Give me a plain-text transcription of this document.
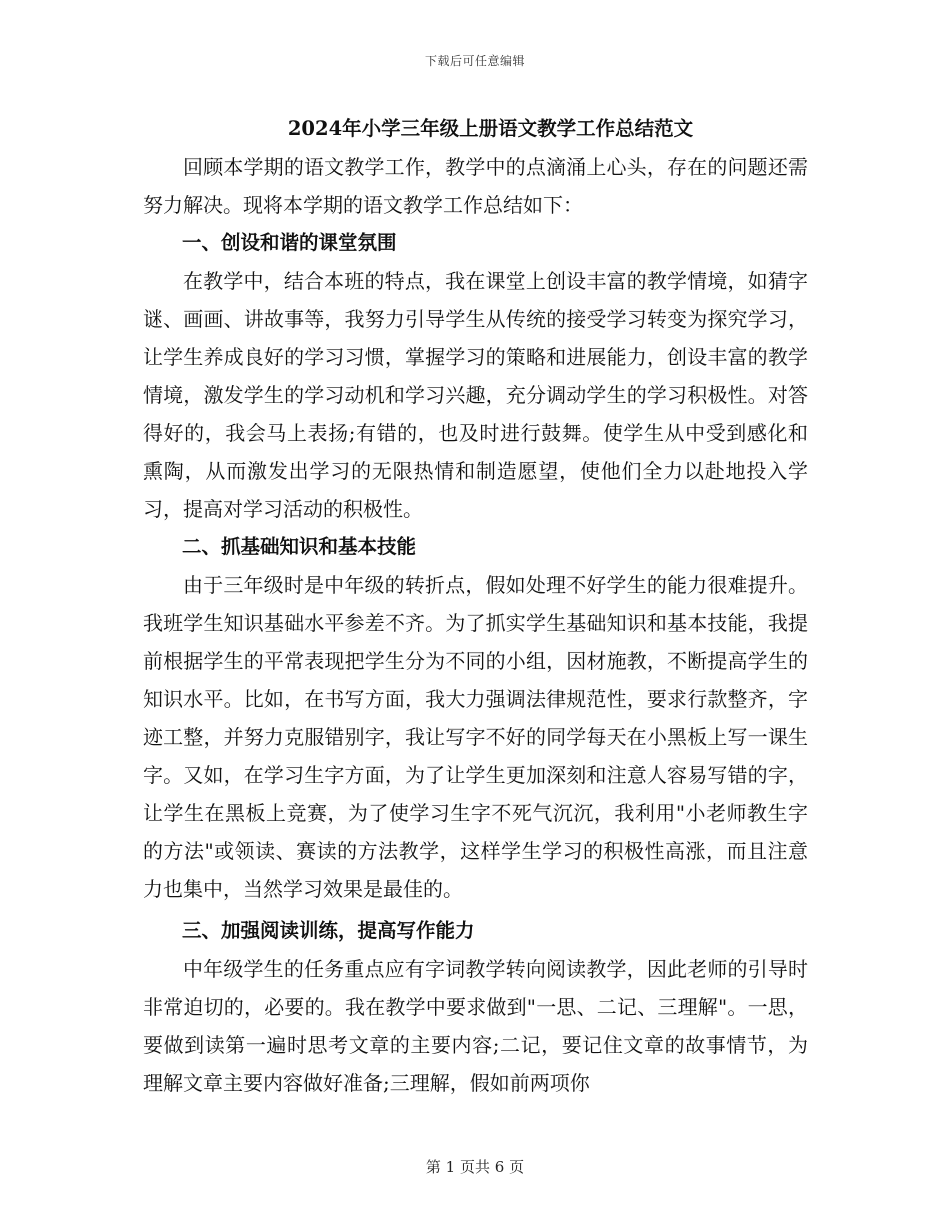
下载后可任意编辑
2024年小学三年级上册语文教学工作总结范文

回顾本学期的语文教学工作，教学中的点滴涌上心头，存在的问题还需努力解决。现将本学期的语文教学工作总结如下：

一、创设和谐的课堂氛围

在教学中，结合本班的特点，我在课堂上创设丰富的教学情境，如猜字谜、画画、讲故事等，我努力引导学生从传统的接受学习转变为探究学习，让学生养成良好的学习习惯，掌握学习的策略和进展能力，创设丰富的教学情境，激发学生的学习动机和学习兴趣，充分调动学生的学习积极性。对答得好的，我会马上表扬;有错的，也及时进行鼓舞。使学生从中受到感化和熏陶，从而激发出学习的无限热情和制造愿望，使他们全力以赴地投入学习，提高对学习活动的积极性。

二、抓基础知识和基本技能

由于三年级时是中年级的转折点，假如处理不好学生的能力很难提升。我班学生知识基础水平参差不齐。为了抓实学生基础知识和基本技能，我提前根据学生的平常表现把学生分为不同的小组，因材施教，不断提高学生的知识水平。比如，在书写方面，我大力强调法律规范性，要求行款整齐，字迹工整，并努力克服错别字，我让写字不好的同学每天在小黑板上写一课生字。又如，在学习生字方面，为了让学生更加深刻和注意人容易写错的字，让学生在黑板上竞赛，为了使学习生字不死气沉沉，我利用"小老师教生字的方法"或领读、赛读的方法教学，这样学生学习的积极性高涨，而且注意力也集中，当然学习效果是最佳的。

三、加强阅读训练，提高写作能力

中年级学生的任务重点应有字词教学转向阅读教学，因此老师的引导时非常迫切的，必要的。我在教学中要求做到"一思、二记、三理解"。一思，要做到读第一遍时思考文章的主要内容;二记，要记住文章的故事情节，为理解文章主要内容做好准备;三理解，假如前两项你

第 1 页共 6 页
